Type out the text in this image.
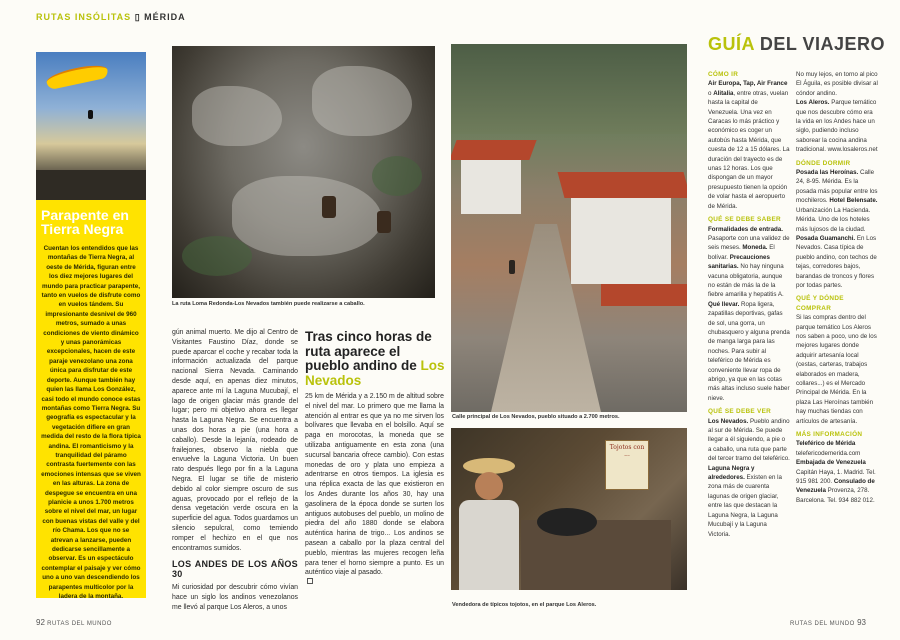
RUTAS INSÓLITAS ▯ MÉRIDA
Parapente en Tierra Negra

Cuentan los entendidos que las montañas de Tierra Negra, al oeste de Mérida, figuran entre los diez mejores lugares del mundo para practicar parapente, tanto en vuelos de disfrute como en vuelos tándem. Su impresionante desnivel de 960 metros, sumado a unas condiciones de viento dinámico y unas panorámicas excepcionales, hacen de este paraje venezolano una zona única para disfrutar de este deporte. Aunque también hay quien las llama Los González, casi todo el mundo conoce estas montañas como Tierra Negra. Su geografía es espectacular y la vegetación difiere en gran medida del resto de la flora típica andina. El romanticismo y la tranquilidad del páramo contrasta fuertemente con las emociones intensas que se viven en las alturas. La zona de despegue se encuentra en una planicie a unos 1.700 metros sobre el nivel del mar, un lugar con buenas vistas del valle y del río Chama. Los que no se atrevan a lanzarse, pueden dedicarse sencillamente a observar. Es un espectáculo contemplar el paisaje y ver cómo uno a uno van descendiendo los parapentes multicolor por la ladera de la montaña.

La ruta Loma Redonda-Los Nevados también puede realizarse a caballo.

gún animal muerto. Me dijo al Centro de Visitantes Faustino Díaz, donde se puede aparcar el coche y recabar toda la información actualizada del parque nacional Sierra Nevada. Caminando desde aquí, en apenas diez minutos, aparece ante mí la Laguna Mucubají, el lago de origen glaciar más grande del lugar; pero mi objetivo ahora es llegar hasta la Laguna Negra. Se encuentra a unas dos horas a pie (una hora a caballo). Desde la lejanía, rodeado de frailejones, observo la niebla que envuelve la Laguna Victoria. Un buen rato después llego por fin a la Laguna Negra. El lugar se tiñe de misterio debido al color siempre oscuro de sus aguas, provocado por el reflejo de la densa vegetación verde oscura en la superficie del agua. Todos guardamos un silencio sepulcral, como temiendo romper el hechizo en el que nos encontramos sumidos.

LOS ANDES DE LOS AÑOS 30

Mi curiosidad por descubrir cómo vivían hace un siglo los andinos venezolanos me llevó al parque Los Aleros, a unos

Tras cinco horas de ruta aparece el pueblo andino de Los Nevados

25 km de Mérida y a 2.150 m de altitud sobre el nivel del mar. Lo primero que me llama la atención al entrar es que ya no me sirven los bolívares que llevaba en el bolsillo. Aquí se paga en morocotas, la moneda que se utilizaba antiguamente en esta zona (una sucursal bancaria ofrece cambio). Con estas monedas de oro y plata uno empieza a adentrarse en otros tiempos. La iglesia es una réplica exacta de las que existieron en los Andes durante los años 30, hay una gasolinera de la época donde se surten los antiguos autobuses del pueblo, un molino de piedra del año 1880 donde se elabora auténtica harina de trigo... Los andinos se pasean a caballo por la plaza central del pueblo, mientras las mujeres recogen leña para tener el horno siempre a punto. Es un auténtico viaje al pasado.

Calle principal de Los Nevados, pueblo situado a 2.700 metros.
Tojotos con ...
Vendedora de típicos tojotos, en el parque Los Aleros.
GUÍA DEL VIAJERO
CÓMO IR

Air Europa, Tap, Air France o Alitalia, entre otras, vuelan hasta la capital de Venezuela. Una vez en Caracas lo más práctico y económico es coger un autobús hasta Mérida, que cuesta de 12 a 15 dólares. La duración del trayecto es de unas 12 horas. Los que dispongan de un mayor presupuesto tienen la opción de volar hasta el aeropuerto de Mérida.

QUÉ SE DEBE SABER

Formalidades de entrada. Pasaporte con una validez de seis meses. Moneda. El bolívar. Precauciones sanitarias. No hay ninguna vacuna obligatoria, aunque no están de más la de la fiebre amarilla y hepatitis A. Qué llevar. Ropa ligera, zapatillas deportivas, gafas de sol, una gorra, un chubasquero y alguna prenda de manga larga para las noches. Para subir al teleférico de Mérida es conveniente llevar ropa de abrigo, ya que en las cotas más altas incluso suele haber nieve.

QUÉ SE DEBE VER

Los Nevados. Pueblo andino al sur de Mérida. Se puede llegar a él siguiendo, a pie o a caballo, una ruta que parte del tercer tramo del teleférico. Laguna Negra y alrededores. Existen en la zona más de cuarenta lagunas de origen glaciar, entre las que destacan la Laguna Negra, la Laguna Mucubají y la Laguna Victoria.

No muy lejos, en torno al pico El Águila, es posible divisar al cóndor andino.

Los Aleros. Parque temático que nos descubre cómo era la vida en los Andes hace un siglo, pudiendo incluso saborear la cocina andina tradicional. www.losaleros.net

DÓNDE DORMIR

Posada las Heroínas. Calle 24, 8-95. Mérida. Es la posada más popular entre los mochileros. Hotel Belensate. Urbanización La Hacienda. Mérida. Uno de los hoteles más lujosos de la ciudad. Posada Guamanchi. En Los Nevados. Casa típica de pueblo andino, con techos de tejas, corredores bajos, barandas de troncos y flores por todas partes.

QUÉ Y DÓNDE COMPRAR

Si las compras dentro del parque temático Los Aleros nos saben a poco, uno de los mejores lugares donde adquirir artesanía local (cestas, carteras, trabajos elaborados en madera, collares...) es el Mercado Principal de Mérida. En la plaza Las Heroínas también hay muchas tiendas con artículos de artesanía.

MÁS INFORMACIÓN

Teleférico de Mérida telefericodemerida.com Embajada de Venezuela Capitán Haya, 1. Madrid. Tel. 915 981 200. Consulado de Venezuela Provenza, 278. Barcelona. Tel. 934 882 012.

92 RUTAS DEL MUNDO	RUTAS DEL MUNDO 93
